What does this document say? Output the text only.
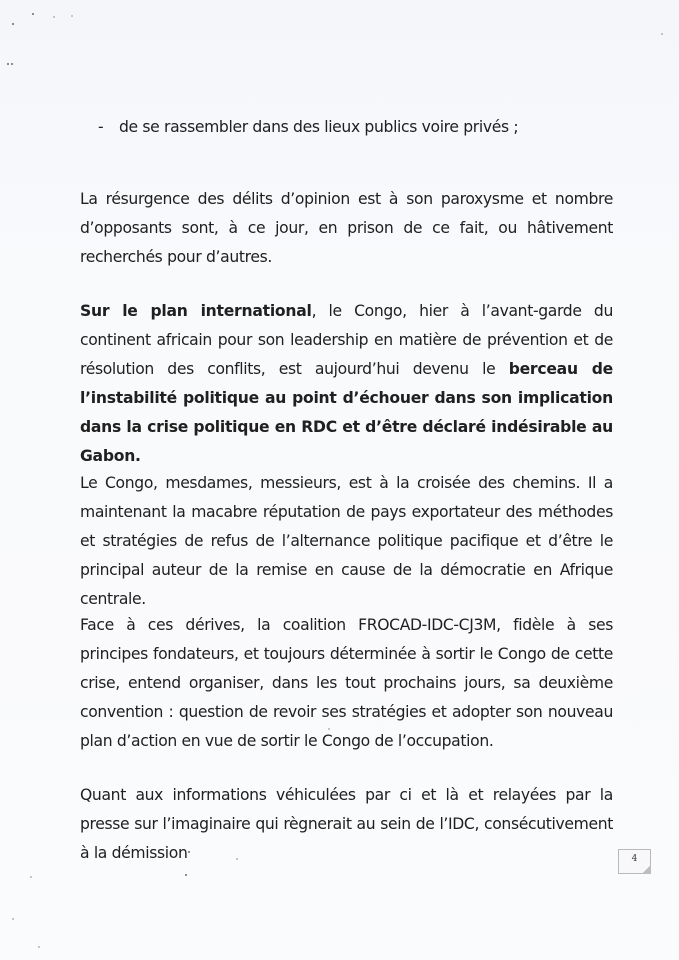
- de se rassembler dans des lieux publics voire privés ;

La résurgence des délits d’opinion est à son paroxysme et nombre d’opposants sont, à ce jour, en prison de ce fait, ou hâtivement recherchés pour d’autres.

Sur le plan international, le Congo, hier à l’avant-garde du continent africain pour son leadership en matière de prévention et de résolution des conflits, est aujourd’hui devenu le berceau de l’instabilité politique au point d’échouer dans son implication dans la crise politique en RDC et d’être déclaré indésirable au Gabon.

Le Congo, mesdames, messieurs, est à la croisée des chemins. Il a maintenant la macabre réputation de pays exportateur des méthodes et stratégies de refus de l’alternance politique pacifique et d’être le principal auteur de la remise en cause de la démocratie en Afrique centrale.

Face à ces dérives, la coalition FROCAD-IDC-CJ3M, fidèle à ses principes fondateurs, et toujours déterminée à sortir le Congo de cette crise, entend organiser, dans les tout prochains jours, sa deuxième convention : question de revoir ses stratégies et adopter son nouveau plan d’action en vue de sortir le Congo de l’occupation.

Quant aux informations véhiculées par ci et là et relayées par la presse sur l’imaginaire qui règnerait au sein de l’IDC, consécutivement à la démission	4
